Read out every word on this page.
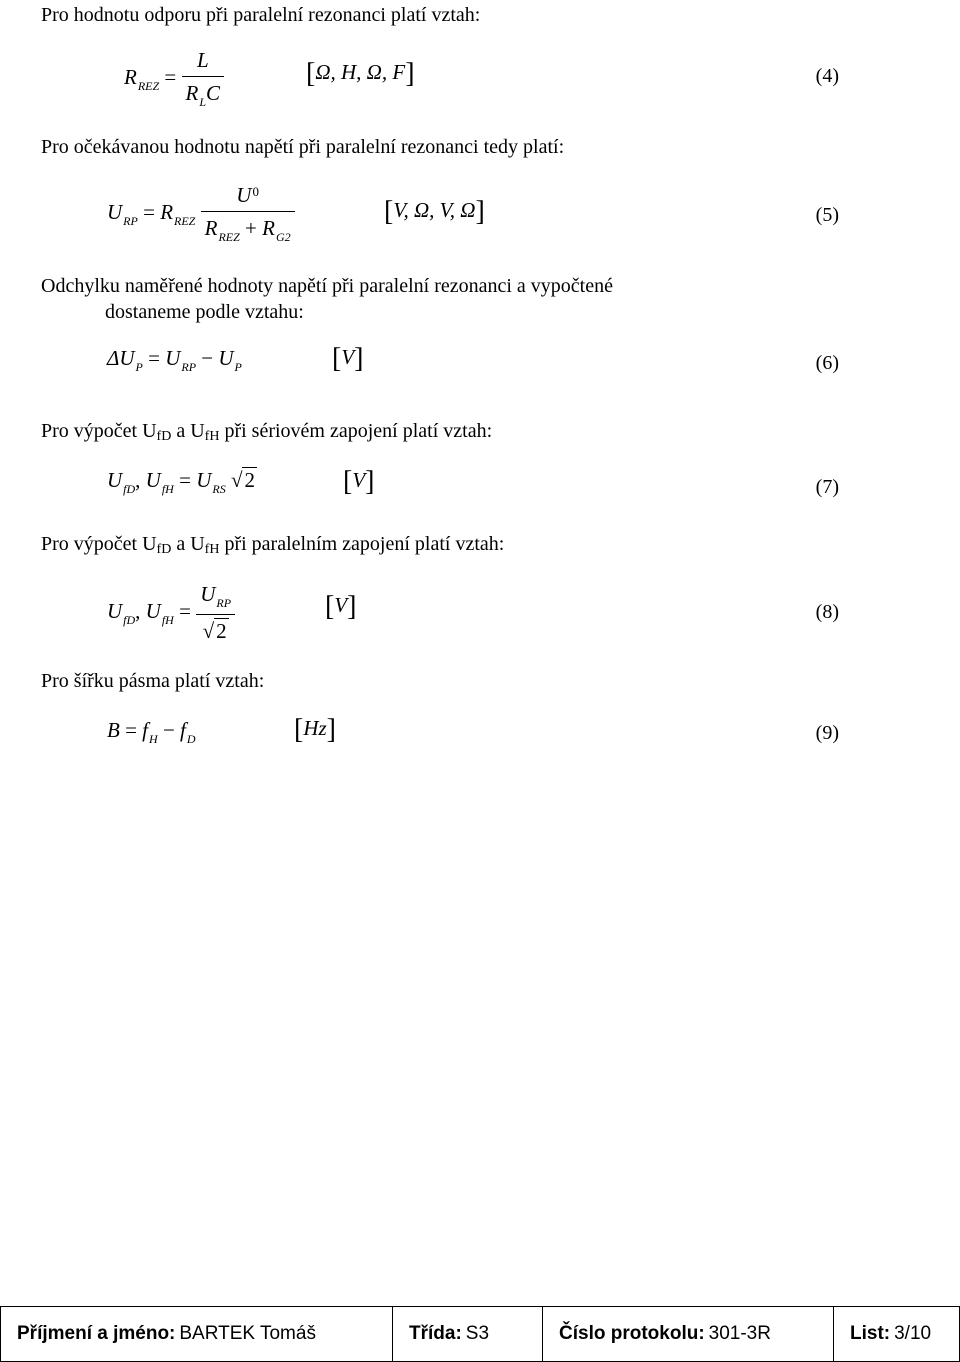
Pro hodnotu odporu při paralelní rezonanci platí vztah:
$R_{REZ} = \frac{L}{R_LC}$	[Ω, H, Ω, F]	(4)
Pro očekávanou hodnotu napětí při paralelní rezonanci tedy platí:
$U_{RP} = R_{REZ} \frac{U^0}{R_{REZ} + R_{G2}}$	[V, Ω, V, Ω]	(5)
Odchylku naměřené hodnoty napětí při paralelní rezonanci a vypočtené
dostaneme podle vztahu:
$\Delta U_P = U_{RP} - U_P$	[V]	(6)
Pro výpočet UfD a UfH při sériovém zapojení platí vztah:
$U_{fD}$, $U_{fH} = U_{RS}$ √2	[V]	(7)
Pro výpočet UfD a UfH při paralelním zapojení platí vztah:
$U_{fD}$, $U_{fH} = \frac{U_{RP}}{√2}$	[V]	(8)
Pro šířku pásma platí vztah:
$B = f_H - f_D$	[Hz]	(9)
Příjmení a jméno: BARTEK Tomáš	Třída: S3	Číslo protokolu: 301-3R	List: 3/10
